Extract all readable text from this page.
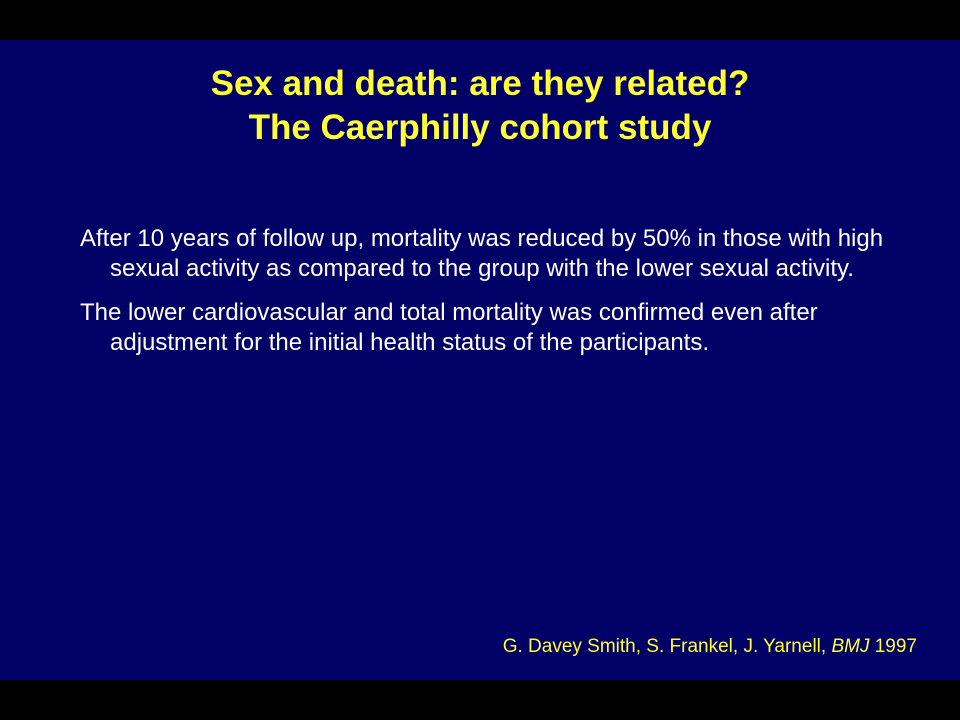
Sex and death: are they related?
The Caerphilly cohort study

After 10 years of follow up, mortality was reduced by 50% in those with high sexual activity as compared to the group with the lower sexual activity.

The lower cardiovascular and total mortality was confirmed even after adjustment for the initial health status of the participants.

G. Davey Smith, S. Frankel, J. Yarnell, BMJ 1997
